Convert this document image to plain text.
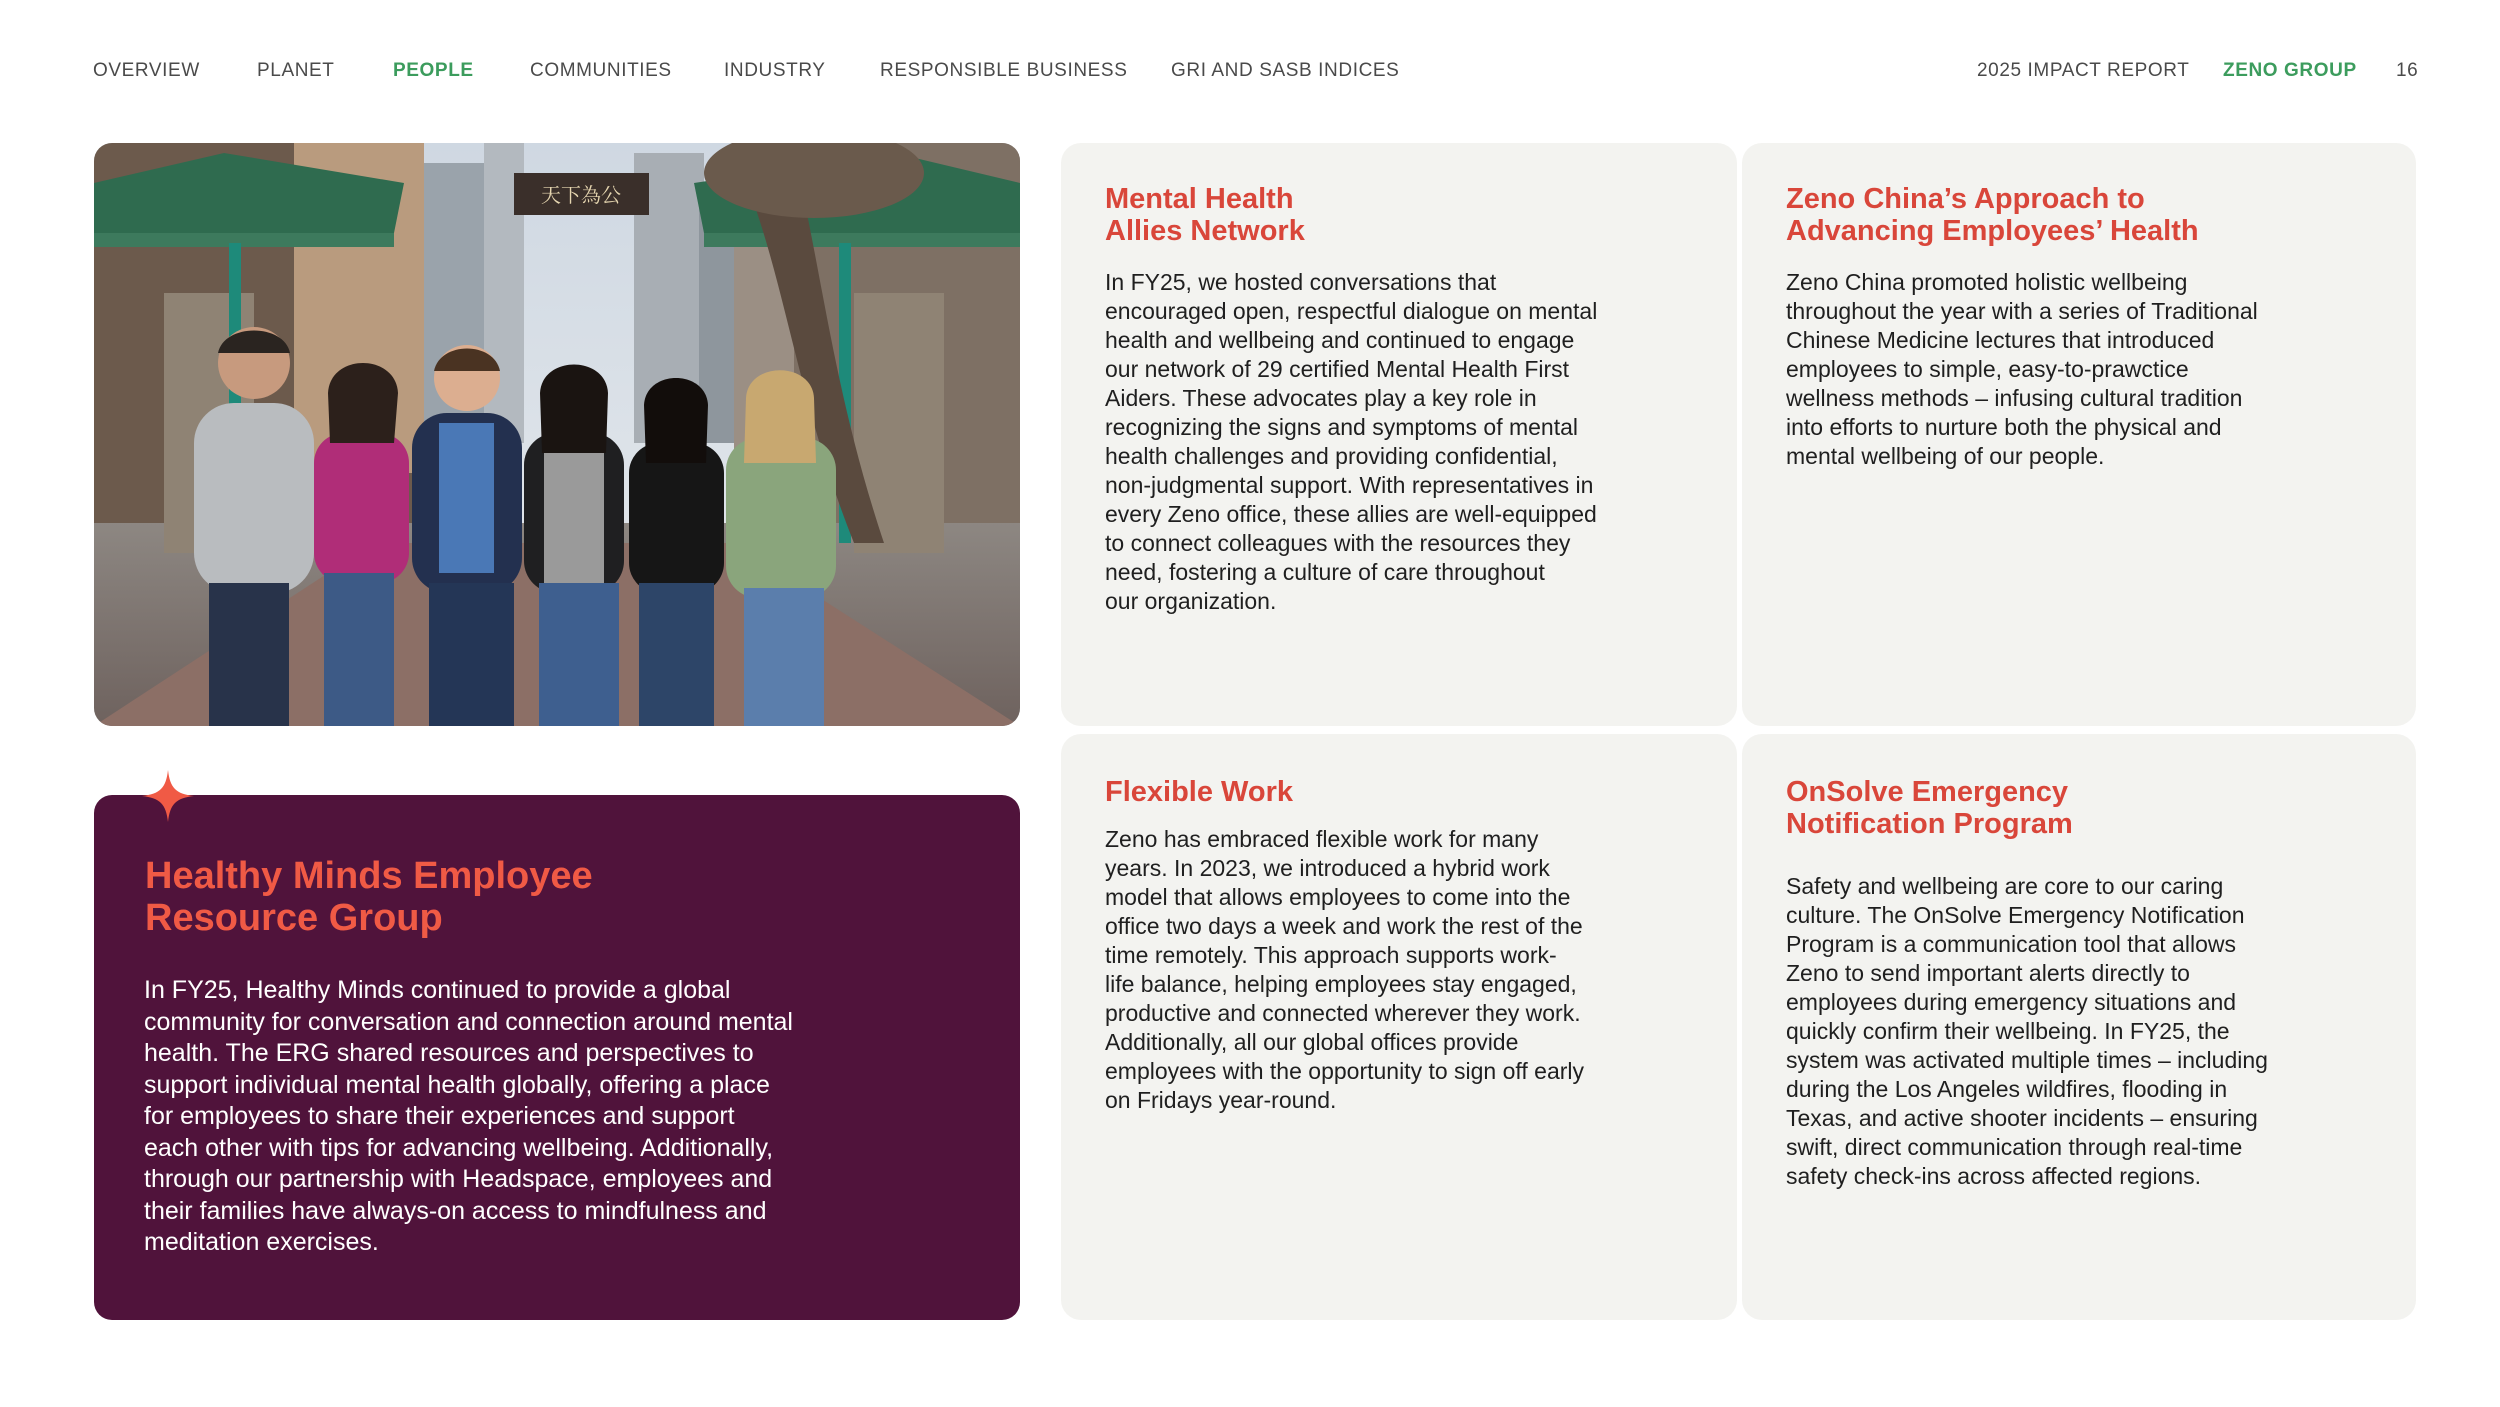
OVERVIEW	PLANET	PEOPLE	COMMUNITIES	INDUSTRY	RESPONSIBLE BUSINESS GRI AND SASB INDICES	2025 IMPACT REPORT ZENO GROUP 16
天下為公
Healthy Minds Employee
Resource Group
In FY25, Healthy Minds continued to provide a global
community for conversation and connection around mental
health. The ERG shared resources and perspectives to
support individual mental health globally, offering a place
for employees to share their experiences and support
each other with tips for advancing wellbeing. Additionally,
through our partnership with Headspace, employees and
their families have always-on access to mindfulness and
meditation exercises.
Mental Health
Allies Network
In FY25, we hosted conversations that
encouraged open, respectful dialogue on mental
health and wellbeing and continued to engage
our network of 29 certified Mental Health First
Aiders. These advocates play a key role in
recognizing the signs and symptoms of mental
health challenges and providing confidential,
non-judgmental support. With representatives in
every Zeno office, these allies are well-equipped
to connect colleagues with the resources they
need, fostering a culture of care throughout
our organization.
Zeno China’s Approach to
Advancing Employees’ Health
Zeno China promoted holistic wellbeing
throughout the year with a series of Traditional
Chinese Medicine lectures that introduced
employees to simple, easy-to-prawctice
wellness methods – infusing cultural tradition
into efforts to nurture both the physical and
mental wellbeing of our people.
Flexible Work
Zeno has embraced flexible work for many
years. In 2023, we introduced a hybrid work
model that allows employees to come into the
office two days a week and work the rest of the
time remotely. This approach supports work-
life balance, helping employees stay engaged,
productive and connected wherever they work.
Additionally, all our global offices provide
employees with the opportunity to sign off early
on Fridays year-round.
OnSolve Emergency
Notification Program
Safety and wellbeing are core to our caring
culture. The OnSolve Emergency Notification
Program is a communication tool that allows
Zeno to send important alerts directly to
employees during emergency situations and
quickly confirm their wellbeing. In FY25, the
system was activated multiple times – including
during the Los Angeles wildfires, flooding in
Texas, and active shooter incidents – ensuring
swift, direct communication through real-time
safety check-ins across affected regions.
